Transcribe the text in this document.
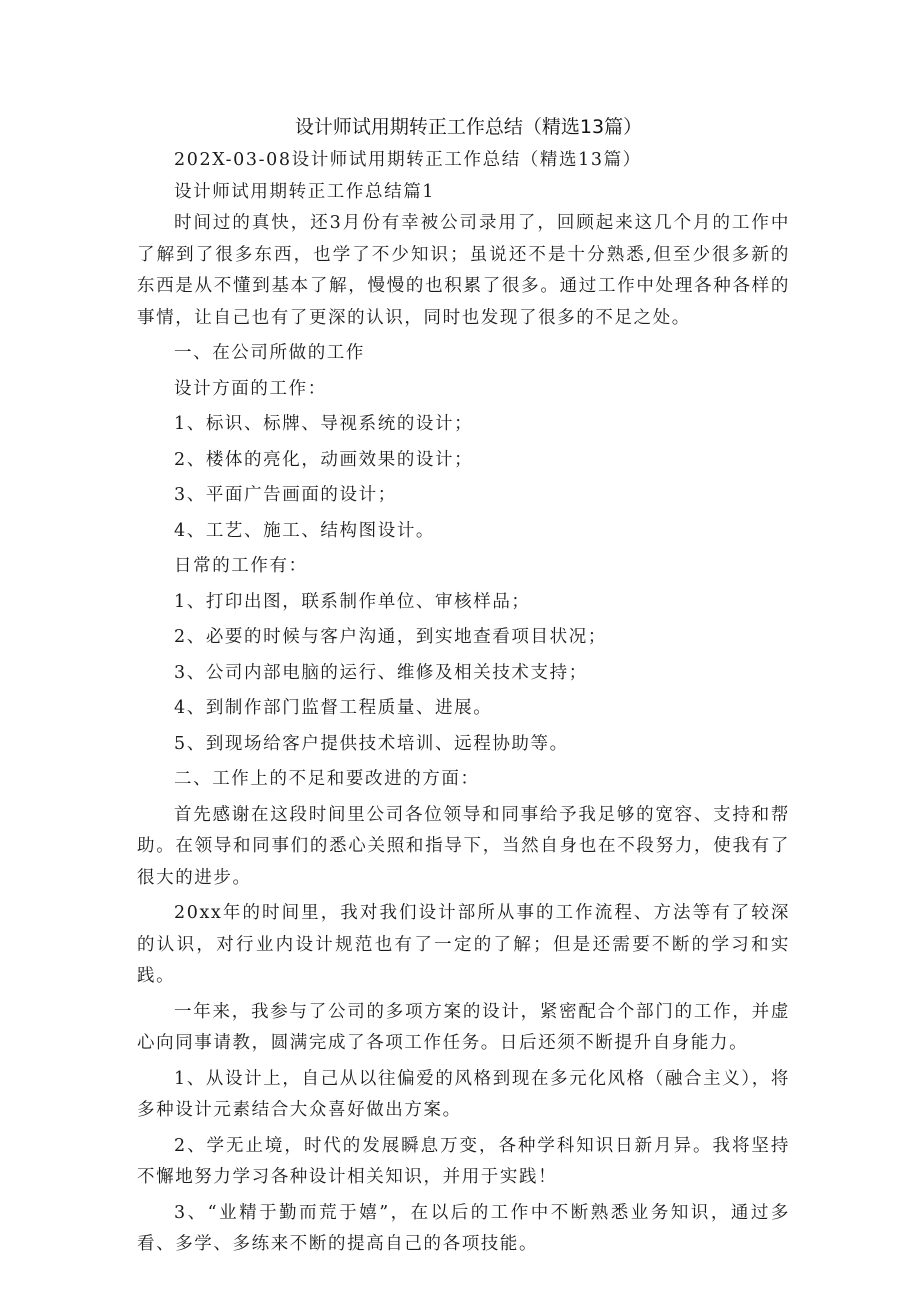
设计师试用期转正工作总结（精选13篇）
202X-03-08设计师试用期转正工作总结（精选13篇）
设计师试用期转正工作总结篇1
时间过的真快，还3月份有幸被公司录用了，回顾起来这几个月的工作中了解到了很多东西，也学了不少知识；虽说还不是十分熟悉,但至少很多新的东西是从不懂到基本了解，慢慢的也积累了很多。通过工作中处理各种各样的事情，让自己也有了更深的认识，同时也发现了很多的不足之处。
一、在公司所做的工作
设计方面的工作：
1、标识、标牌、导视系统的设计；
2、楼体的亮化，动画效果的设计；
3、平面广告画面的设计；
4、工艺、施工、结构图设计。
日常的工作有：
1、打印出图，联系制作单位、审核样品；
2、必要的时候与客户沟通，到实地查看项目状况；
3、公司内部电脑的运行、维修及相关技术支持；
4、到制作部门监督工程质量、进展。
5、到现场给客户提供技术培训、远程协助等。
二、工作上的不足和要改进的方面：
首先感谢在这段时间里公司各位领导和同事给予我足够的宽容、支持和帮助。在领导和同事们的悉心关照和指导下，当然自身也在不段努力，使我有了很大的进步。
20xx年的时间里，我对我们设计部所从事的工作流程、方法等有了较深的认识，对行业内设计规范也有了一定的了解；但是还需要不断的学习和实践。
一年来，我参与了公司的多项方案的设计，紧密配合个部门的工作，并虚心向同事请教，圆满完成了各项工作任务。日后还须不断提升自身能力。
1、从设计上，自己从以往偏爱的风格到现在多元化风格（融合主义），将多种设计元素结合大众喜好做出方案。
2、学无止境，时代的发展瞬息万变，各种学科知识日新月异。我将坚持不懈地努力学习各种设计相关知识，并用于实践！
3、“业精于勤而荒于嬉”，在以后的工作中不断熟悉业务知识，通过多看、多学、多练来不断的提高自己的各项技能。
